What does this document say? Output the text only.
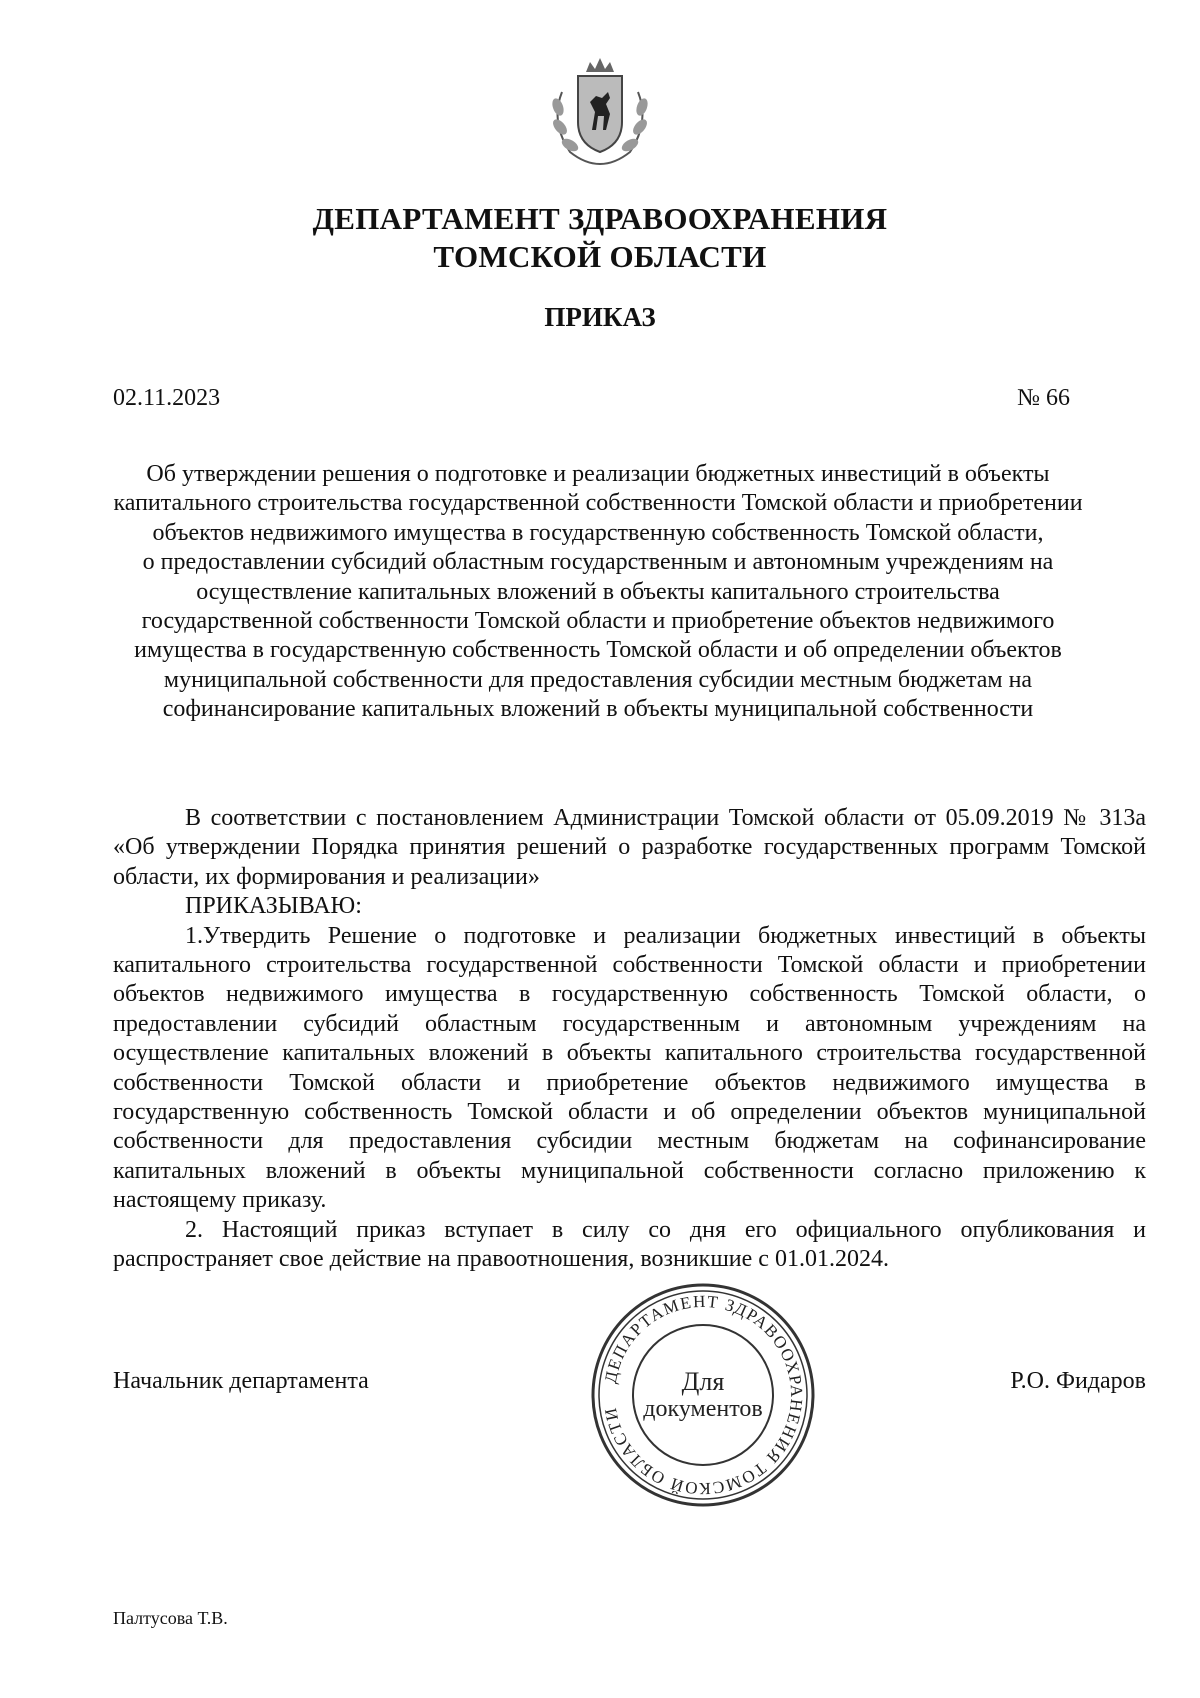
ДЕПАРТАМЕНТ ЗДРАВООХРАНЕНИЯ
ТОМСКОЙ ОБЛАСТИ
ПРИКАЗ
02.11.2023	№ 66
Об утверждении решения о подготовке и реализации бюджетных инвестиций в объекты
капитального строительства государственной собственности Томской области и приобретении
объектов недвижимого имущества в государственную собственность Томской области,
о предоставлении субсидий областным государственным и автономным учреждениям на
осуществление капитальных вложений в объекты капитального строительства
государственной собственности Томской области и приобретение объектов недвижимого
имущества в государственную собственность Томской области и об определении объектов
муниципальной собственности для предоставления субсидии местным бюджетам на
софинансирование капитальных вложений в объекты муниципальной собственности

В соответствии с постановлением Администрации Томской области от 05.09.2019 № 313а «Об утверждении Порядка принятия решений о разработке государственных программ Томской области, их формирования и реализации»

ПРИКАЗЫВАЮ:

1.Утвердить Решение о подготовке и реализации бюджетных инвестиций в объекты капитального строительства государственной собственности Томской области и приобретении объектов недвижимого имущества в государственную собственность Томской области, о предоставлении субсидий областным государственным и автономным учреждениям на осуществление капитальных вложений в объекты капитального строительства государственной собственности Томской области и приобретение объектов недвижимого имущества в государственную собственность Томской области и об определении объектов муниципальной собственности для предоставления субсидии местным бюджетам на софинансирование капитальных вложений в объекты муниципальной собственности согласно приложению к настоящему приказу.

2. Настоящий приказ вступает в силу со дня его официального опубликования и распространяет свое действие на правоотношения, возникшие с 01.01.2024.

Начальник департамента	Р.О. Фидаров
ДЕПАРТАМЕНТ ЗДРАВООХРАНЕНИЯ ТОМСКОЙ ОБЛАСТИ
Для
документов
Палтусова Т.В.
